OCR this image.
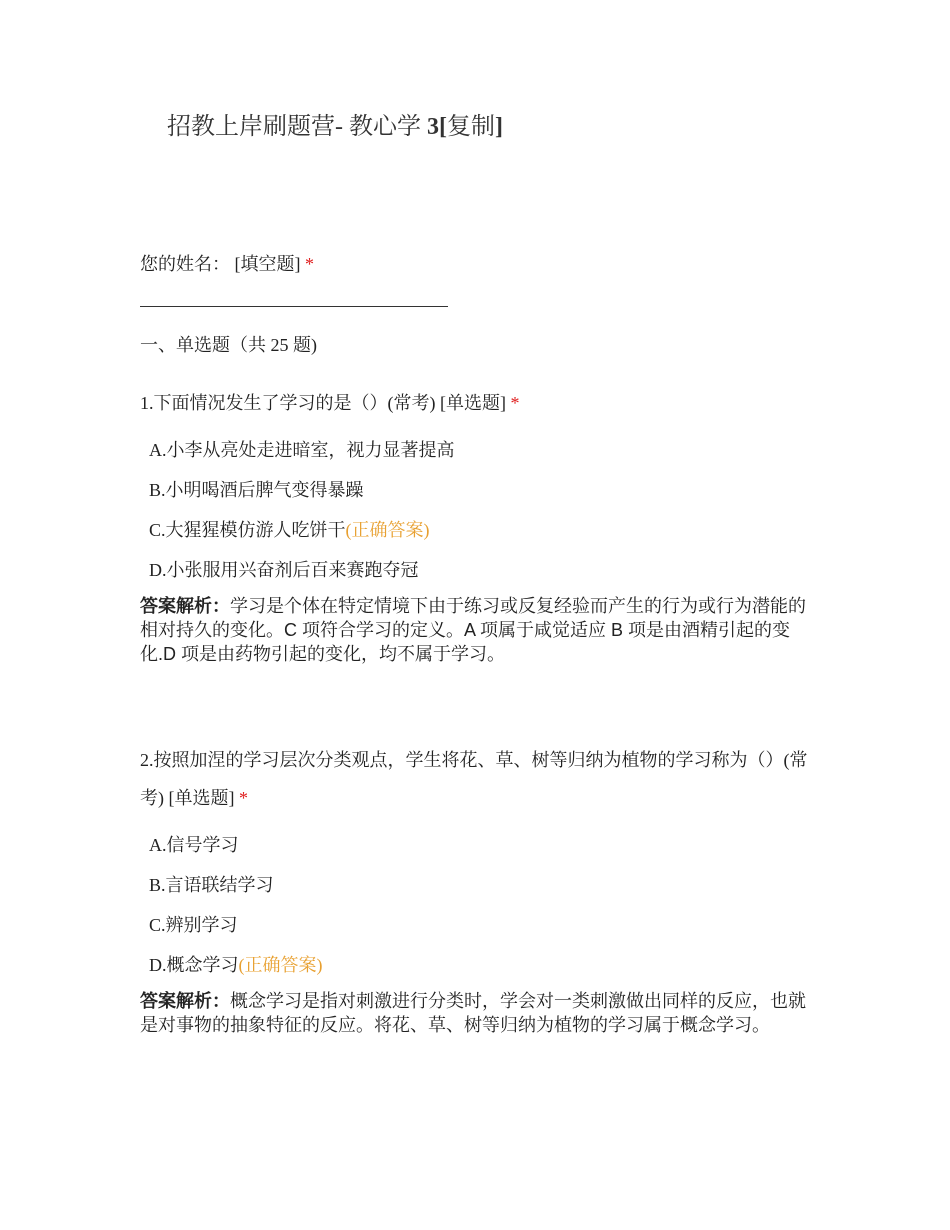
招教上岸刷题营- 教心学 3[复制]
您的姓名： [填空题] *
一、单选题（共 25 题)

1.下面情况发生了学习的是（）(常考) [单选题] *

A.小李从亮处走进暗室，视力显著提高
B.小明喝酒后脾气变得暴躁
C.大猩猩模仿游人吃饼干(正确答案)
D.小张服用兴奋剂后百来赛跑夺冠
答案解析：学习是个体在特定情境下由于练习或反复经验而产生的行为或行为潜能的相对持久的变化。C 项符合学习的定义。A 项属于咸觉适应 B 项是由酒精引起的变化.D 项是由药物引起的变化，均不属于学习。

2.按照加涅的学习层次分类观点，学生将花、草、树等归纳为植物的学习称为（）(常考) [单选题] *

A.信号学习
B.言语联结学习
C.辨别学习
D.概念学习(正确答案)
答案解析：概念学习是指对刺激进行分类时，学会对一类刺激做出同样的反应，也就是对事物的抽象特征的反应。将花、草、树等归纳为植物的学习属于概念学习。
